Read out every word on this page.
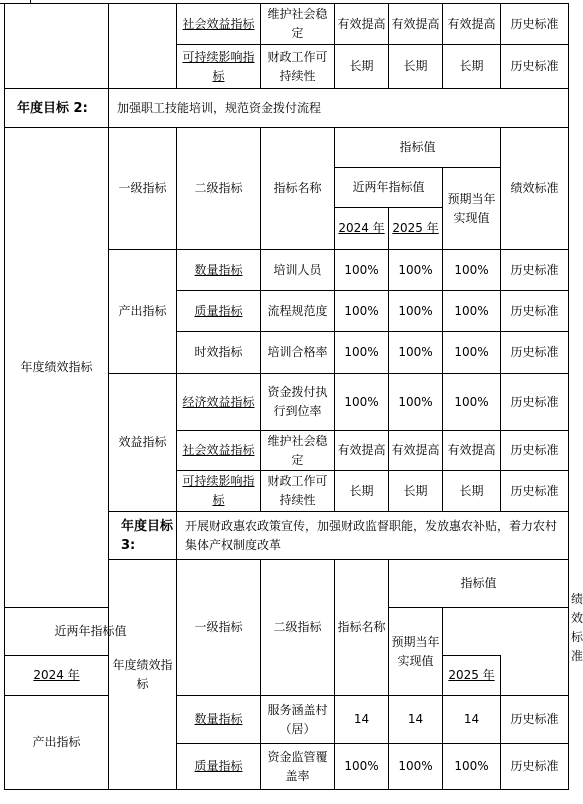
		社会效益指标	维护社会稳定	有效提高	有效提高	有效提高	历史标准	
		可持续影响指标	财政工作可持续性	长期	长期	长期	历史标准	
年度目标 2:	加强职工技能培训，规范资金拨付流程							
年度绩效指标	一级指标	二级指标	指标名称	指标值			绩效标准	
				近两年指标值		预期当年实现值		
				2024 年	2025 年			
	产出指标	数量指标	培训人员	100%	100%	100%	历史标准	
		质量指标	流程规范度	100%	100%	100%	历史标准	
		时效指标	培训合格率	100%	100%	100%	历史标准	
	效益指标	经济效益指标	资金拨付执行到位率	100%	100%	100%	历史标准	
		社会效益指标	维护社会稳定	有效提高	有效提高	有效提高	历史标准	
		可持续影响指标	财政工作可持续性	长期	长期	长期	历史标准	
	年度目标 3:	开展财政惠农政策宣传，加强财政监督职能，发放惠农补贴，着力农村集体产权制度改革						
	年度绩效指标	一级指标	二级指标	指标名称	指标值			绩效标准
近两年指标值					预期当年实现值			
2024 年						2025 年		
产出指标		数量指标	服务涵盖村（居）	14	14	14	历史标准	
		质量指标	资金监管覆盖率	100%	100%	100%	历史标准	
